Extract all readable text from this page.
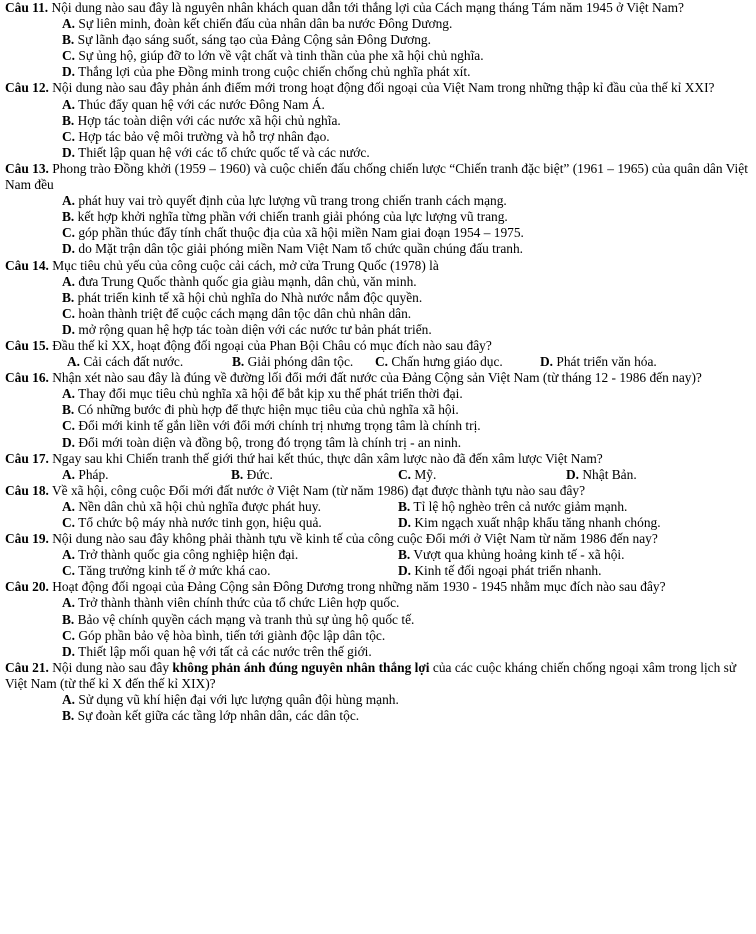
Câu 11. Nội dung nào sau đây là nguyên nhân khách quan dẫn tới thắng lợi của Cách mạng tháng Tám năm 1945 ở Việt Nam?

A. Sự liên minh, đoàn kết chiến đấu của nhân dân ba nước Đông Dương.

B. Sự lãnh đạo sáng suốt, sáng tạo của Đảng Cộng sản Đông Dương.

C. Sự ủng hộ, giúp đỡ to lớn về vật chất và tinh thần của phe xã hội chủ nghĩa.

D. Thắng lợi của phe Đồng minh trong cuộc chiến chống chủ nghĩa phát xít.

Câu 12. Nội dung nào sau đây phản ánh điểm mới trong hoạt động đối ngoại của Việt Nam trong những thập kỉ đầu của thế kỉ XXI?

A. Thúc đẩy quan hệ với các nước Đông Nam Á.

B. Hợp tác toàn diện với các nước xã hội chủ nghĩa.

C. Hợp tác bảo vệ môi trường và hỗ trợ nhân đạo.

D. Thiết lập quan hệ với các tổ chức quốc tế và các nước.

Câu 13. Phong trào Đồng khởi (1959 – 1960) và cuộc chiến đấu chống chiến lược “Chiến tranh đặc biệt” (1961 – 1965) của quân dân Việt Nam đều

A. phát huy vai trò quyết định của lực lượng vũ trang trong chiến tranh cách mạng.

B. kết hợp khởi nghĩa từng phần với chiến tranh giải phóng của lực lượng vũ trang.

C. góp phần thúc đẩy tính chất thuộc địa của xã hội miền Nam giai đoạn 1954 – 1975.

D. do Mặt trận dân tộc giải phóng miền Nam Việt Nam tổ chức quần chúng đấu tranh.

Câu 14. Mục tiêu chủ yếu của công cuộc cải cách, mở cửa Trung Quốc (1978) là

A. đưa Trung Quốc thành quốc gia giàu mạnh, dân chủ, văn minh.

B. phát triển kinh tế xã hội chủ nghĩa do Nhà nước nắm độc quyền.

C. hoàn thành triệt để cuộc cách mạng dân tộc dân chủ nhân dân.

D. mở rộng quan hệ hợp tác toàn diện với các nước tư bản phát triển.

Câu 15. Đầu thế kỉ XX, hoạt động đối ngoại của Phan Bội Châu có mục đích nào sau đây?

A. Cải cách đất nước.	B. Giải phóng dân tộc.	C. Chấn hưng giáo dục.	D. Phát triển văn hóa.

Câu 16. Nhận xét nào sau đây là đúng về đường lối đổi mới đất nước của Đảng Cộng sản Việt Nam (từ tháng 12 - 1986 đến nay)?

A. Thay đổi mục tiêu chủ nghĩa xã hội để bắt kịp xu thế phát triển thời đại.

B. Có những bước đi phù hợp để thực hiện mục tiêu của chủ nghĩa xã hội.

C. Đổi mới kinh tế gắn liền với đổi mới chính trị nhưng trọng tâm là chính trị.

D. Đổi mới toàn diện và đồng bộ, trong đó trọng tâm là chính trị - an ninh.

Câu 17. Ngay sau khi Chiến tranh thế giới thứ hai kết thúc, thực dân xâm lược nào đã đến xâm lược Việt Nam?

A. Pháp.	B. Đức.	C. Mỹ.	D. Nhật Bản.

Câu 18. Về xã hội, công cuộc Đổi mới đất nước ở Việt Nam (từ năm 1986) đạt được thành tựu nào sau đây?

A. Nền dân chủ xã hội chủ nghĩa được phát huy.	B. Tỉ lệ hộ nghèo trên cả nước giảm mạnh.
C. Tổ chức bộ máy nhà nước tinh gọn, hiệu quả.	D. Kim ngạch xuất nhập khẩu tăng nhanh chóng.

Câu 19. Nội dung nào sau đây không phải thành tựu về kinh tế của công cuộc Đổi mới ở Việt Nam từ năm 1986 đến nay?

A. Trở thành quốc gia công nghiệp hiện đại.	B. Vượt qua khủng hoảng kinh tế - xã hội.
C. Tăng trưởng kinh tế ở mức khá cao.	D. Kinh tế đối ngoại phát triển nhanh.

Câu 20. Hoạt động đối ngoại của Đảng Cộng sản Đông Dương trong những năm 1930 - 1945 nhằm mục đích nào sau đây?

A. Trở thành thành viên chính thức của tổ chức Liên hợp quốc.

B. Bảo vệ chính quyền cách mạng và tranh thủ sự ủng hộ quốc tế.

C. Góp phần bảo vệ hòa bình, tiến tới giành độc lập dân tộc.

D. Thiết lập mối quan hệ với tất cả các nước trên thế giới.

Câu 21. Nội dung nào sau đây không phản ánh đúng nguyên nhân thắng lợi của các cuộc kháng chiến chống ngoại xâm trong lịch sử Việt Nam (từ thế kỉ X đến thế kỉ XIX)?

A. Sử dụng vũ khí hiện đại với lực lượng quân đội hùng mạnh.

B. Sự đoàn kết giữa các tầng lớp nhân dân, các dân tộc.
